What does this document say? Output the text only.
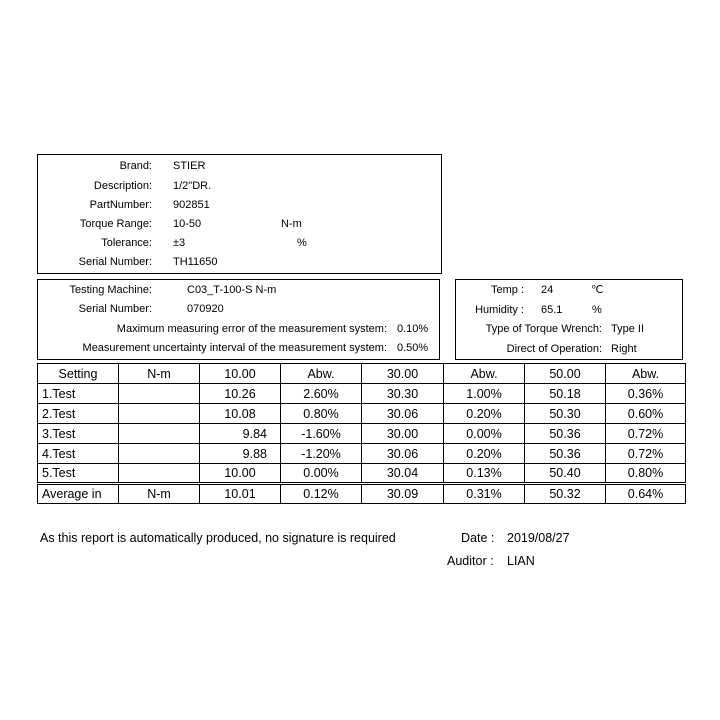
Brand: STIER
Description: 1/2"DR.
PartNumber: 902851
Torque Range: 10-50	N-m
Tolerance: ±3	%
Serial Number: TH11650
Testing Machine:	C03_T-100-S N-m
Serial Number:	070920
Maximum measuring error of the measurement system: 0.10%
Measurement uncertainty interval of the measurement system: 0.50%
Temp : 24	℃
Humidity : 65.1	%
Type of Torque Wrench: Type II
Direct of Operation: Right
Setting	N-m	10.00	Abw.	30.00	Abw.	50.00	Abw.
1.Test		10.26	2.60%	30.30	1.00%	50.18	0.36%
2.Test		10.08	0.80%	30.06	0.20%	50.30	0.60%
3.Test		9.84	-1.60%	30.00	0.00%	50.36	0.72%
4.Test		9.88	-1.20%	30.06	0.20%	50.36	0.72%
5.Test		10.00	0.00%	30.04	0.13%	50.40	0.80%
Average in	N-m	10.01	0.12%	30.09	0.31%	50.32	0.64%
As this report is automatically produced, no signature is required	Date : 2019/08/27
Auditor : LIAN
